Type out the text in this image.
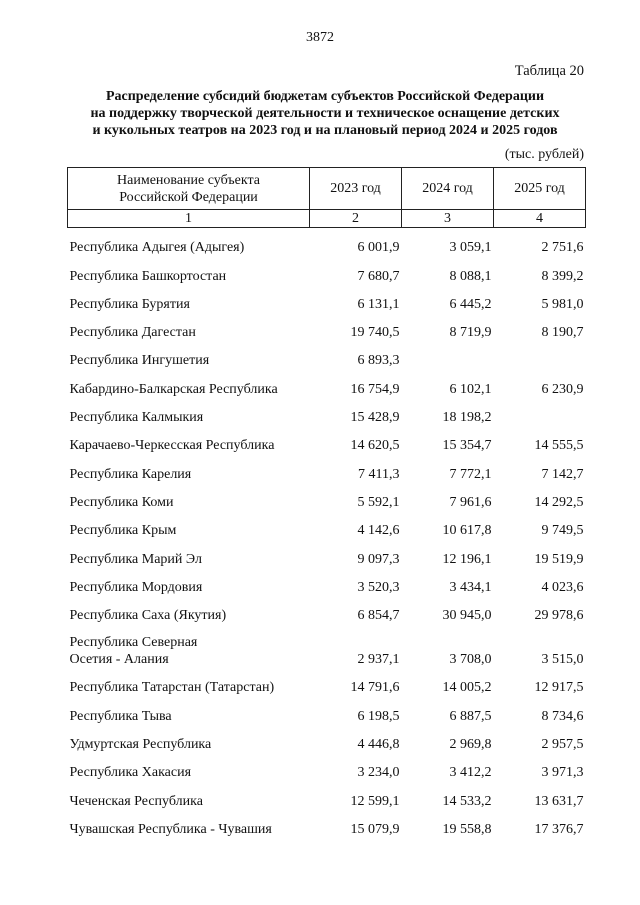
3872
Таблица 20
Распределение субсидий бюджетам субъектов Российской Федерации
на поддержку творческой деятельности и техническое оснащение детских
и кукольных театров на 2023 год и на плановый период 2024 и 2025 годов
(тыс. рублей)
Наименование субъекта
Российской Федерации	2023 год	2024 год	2025 год
1	2	3	4
Республика Адыгея (Адыгея)	6 001,9	3 059,1	2 751,6
Республика Башкортостан	7 680,7	8 088,1	8 399,2
Республика Бурятия	6 131,1	6 445,2	5 981,0
Республика Дагестан	19 740,5	8 719,9	8 190,7
Республика Ингушетия	6 893,3		
Кабардино-Балкарская Республика	16 754,9	6 102,1	6 230,9
Республика Калмыкия	15 428,9	18 198,2	
Карачаево-Черкесская Республика	14 620,5	15 354,7	14 555,5
Республика Карелия	7 411,3	7 772,1	7 142,7
Республика Коми	5 592,1	7 961,6	14 292,5
Республика Крым	4 142,6	10 617,8	9 749,5
Республика Марий Эл	9 097,3	12 196,1	19 519,9
Республика Мордовия	3 520,3	3 434,1	4 023,6
Республика Саха (Якутия)	6 854,7	30 945,0	29 978,6

Республика Северная
Осетия - Алания	2 937,1	3 708,0	3 515,0
Республика Татарстан (Татарстан)	14 791,6	14 005,2	12 917,5
Республика Тыва	6 198,5	6 887,5	8 734,6
Удмуртская Республика	4 446,8	2 969,8	2 957,5
Республика Хакасия	3 234,0	3 412,2	3 971,3
Чеченская Республика	12 599,1	14 533,2	13 631,7
Чувашская Республика - Чувашия	15 079,9	19 558,8	17 376,7
